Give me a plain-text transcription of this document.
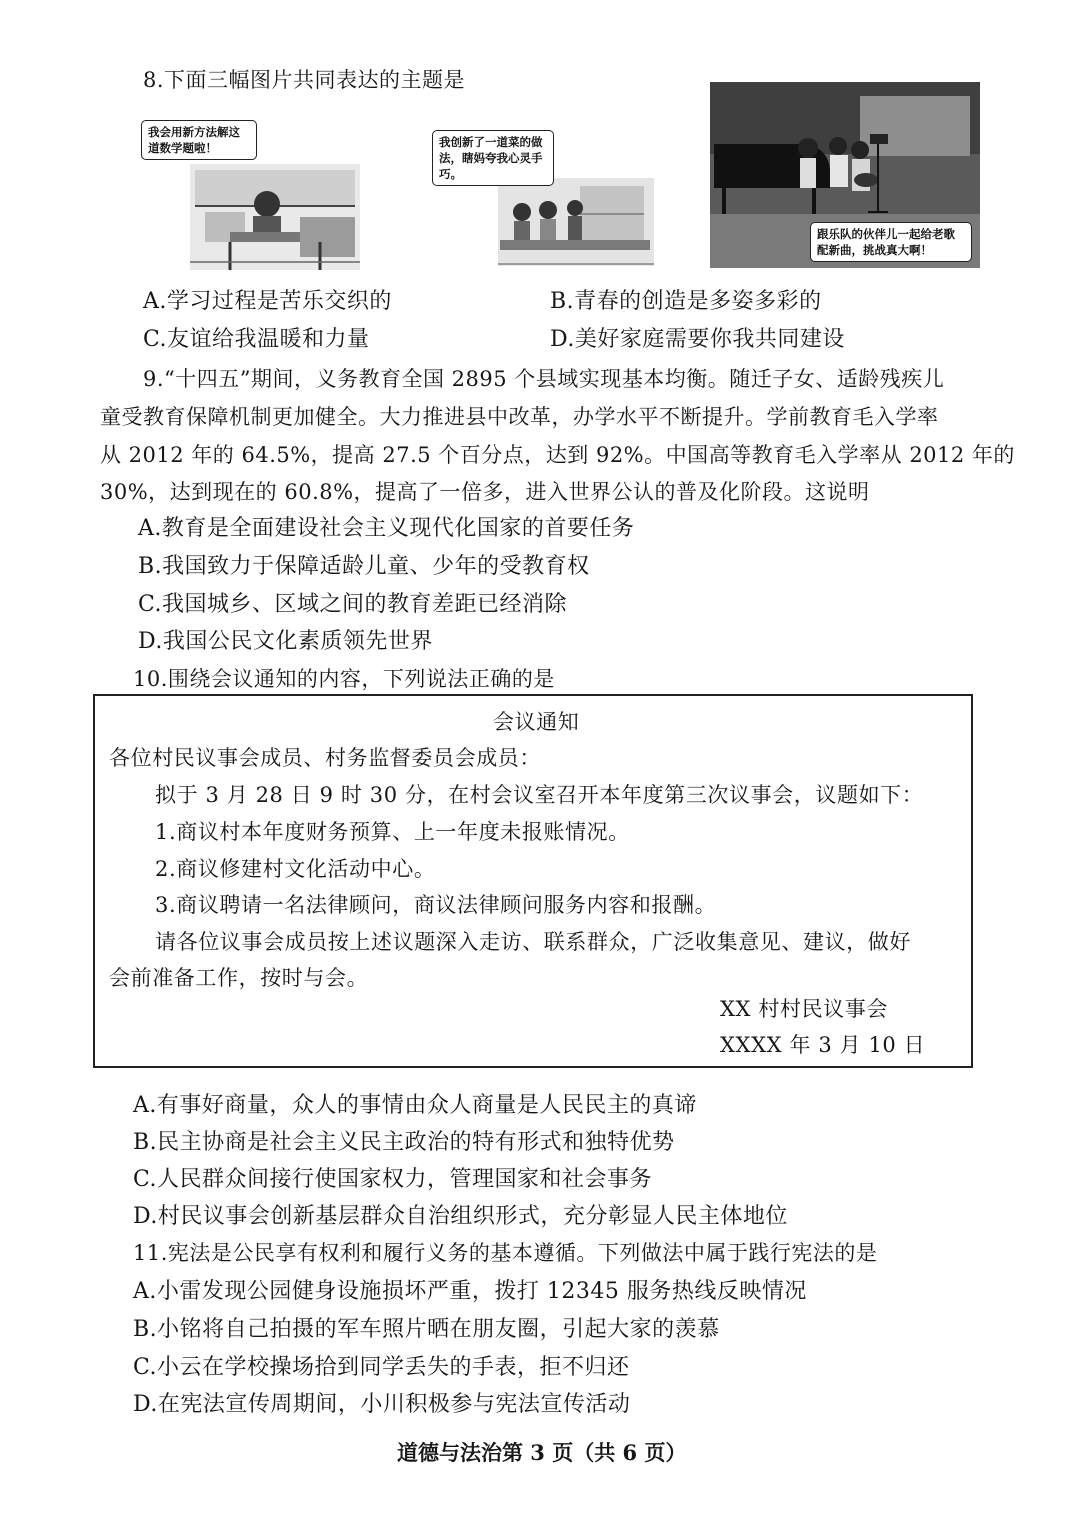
8.下面三幅图片共同表达的主题是
我会用新方法解这道数学题啦！	我创新了一道菜的做法，瞎妈夸我心灵手巧。
跟乐队的伙伴儿一起给老歌配新曲，挑战真大啊！
A.学习过程是苦乐交织的	B.青春的创造是多姿多彩的
C.友谊给我温暖和力量	D.美好家庭需要你我共同建设
9.“十四五”期间，义务教育全国 2895 个县域实现基本均衡。随迁子女、适龄残疾儿
童受教育保障机制更加健全。大力推进县中改革，办学水平不断提升。学前教育毛入学率
从 2012 年的 64.5%，提高 27.5 个百分点，达到 92%。中国高等教育毛入学率从 2012 年的
30%，达到现在的 60.8%，提高了一倍多，进入世界公认的普及化阶段。这说明
A.教育是全面建设社会主义现代化国家的首要任务
B.我国致力于保障适龄儿童、少年的受教育权
C.我国城乡、区域之间的教育差距已经消除
D.我国公民文化素质领先世界
10.围绕会议通知的内容，下列说法正确的是
会议通知
各位村民议事会成员、村务监督委员会成员：
拟于 3 月 28 日 9 时 30 分，在村会议室召开本年度第三次议事会，议题如下：
1.商议村本年度财务预算、上一年度未报账情况。
2.商议修建村文化活动中心。
3.商议聘请一名法律顾问，商议法律顾问服务内容和报酬。
请各位议事会成员按上述议题深入走访、联系群众，广泛收集意见、建议，做好
会前准备工作，按时与会。
XX 村村民议事会
XXXX 年 3 月 10 日
A.有事好商量，众人的事情由众人商量是人民民主的真谛
B.民主协商是社会主义民主政治的特有形式和独特优势
C.人民群众间接行使国家权力，管理国家和社会事务
D.村民议事会创新基层群众自治组织形式，充分彰显人民主体地位
11.宪法是公民享有权利和履行义务的基本遵循。下列做法中属于践行宪法的是
A.小雷发现公园健身设施损坏严重，拨打 12345 服务热线反映情况
B.小铭将自己拍摄的军车照片晒在朋友圈，引起大家的羡慕
C.小云在学校操场拾到同学丢失的手表，拒不归还
D.在宪法宣传周期间，小川积极参与宪法宣传活动
道德与法治第 3 页（共 6 页）
